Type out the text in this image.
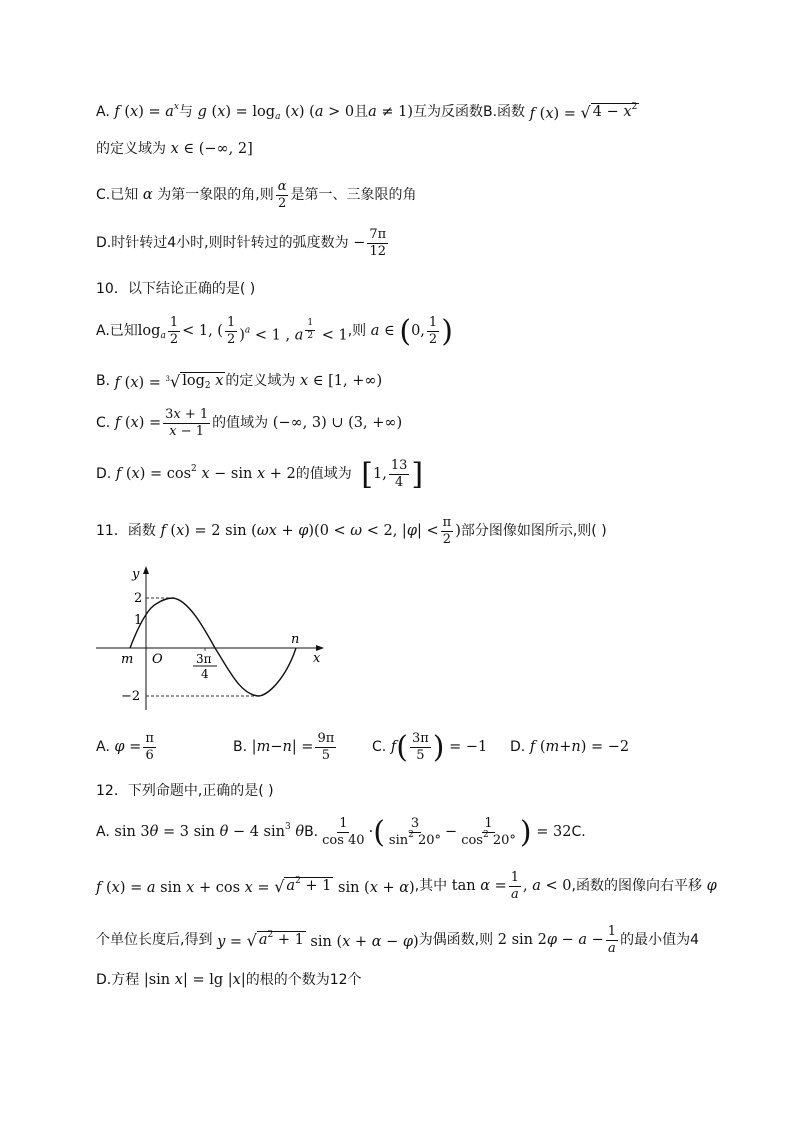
A. f $(x) = a^x$ 与 g $(x) = \log_a (x) (a > 0$且a ≠ 1) 互为反函数 B.函数 f (x) = √ $4 - x^2$
的定义域为 x ∈ (−∞, 2]
C.已知 α 为第一象限的角,则 $\frac{\alpha}{2}$ 是第一、三象限的角
D.时针转过4小时,则时针转过的弧度数为 − $\frac{7\pi}{12}$
10．以下结论正确的是( )
A.已知 $\log_a \frac{1}{2} < 1$, ( $\frac{1}{2} )^a < 1$ , a $^{\frac{1}{2}}$ < 1 ,则 a ∈ ( 0, $\frac{1}{2}$ )
B. f (x) = $^3$ √ $\log_2 x$ 的定义域为 x ∈ [1, +∞)
C. f $(x) = \frac{3x + 1}{x - 1}$ 的值域为 (−∞, 3) ∪ (3, +∞)
D. f $(x) = \cos^2 x - \sin x + 2$ 的值域为 [ 1, $\frac{13}{4}$ ]
11．函数 f (x) = 2 sin (ωx + φ)(0 < ω < 2, $|\varphi| < \frac{\pi}{2}$ ) 部分图像如图所示,则( )
y
x
O
m
n
2
1
−2
3π
4
A. $\varphi = \frac{\pi}{6}$	B. | m − n | = $\frac{9\pi}{5}$	C. f ( $\frac{3\pi}{5}$ ) = −1	D. f ( m + n ) = −2
12．下列命题中,正确的是( )
A. sin 3θ = 3 sin θ − 4 $\sin^3 \theta$ B. $\frac{1}{\cos 40}$ · ( $\frac{3}{\sin^2 20^\circ} - \frac{1}{\cos^2 20^\circ}$ ) = 32 C.
f (x) = a sin x + cos x = √ $a^2 + 1$ sin (x + α) ,其中 $\tan \alpha = \frac{1}{a}$ , a < 0 ,函数的图像向右平移 φ
个单位长度后,得到 y = √ $a^2 + 1$ sin (x + α − φ) 为偶函数,则 2 $\sin 2\varphi - a - \frac{1}{a}$ 的最小值为4
D.方程 |sin x| = lg |x| 的根的个数为12个
